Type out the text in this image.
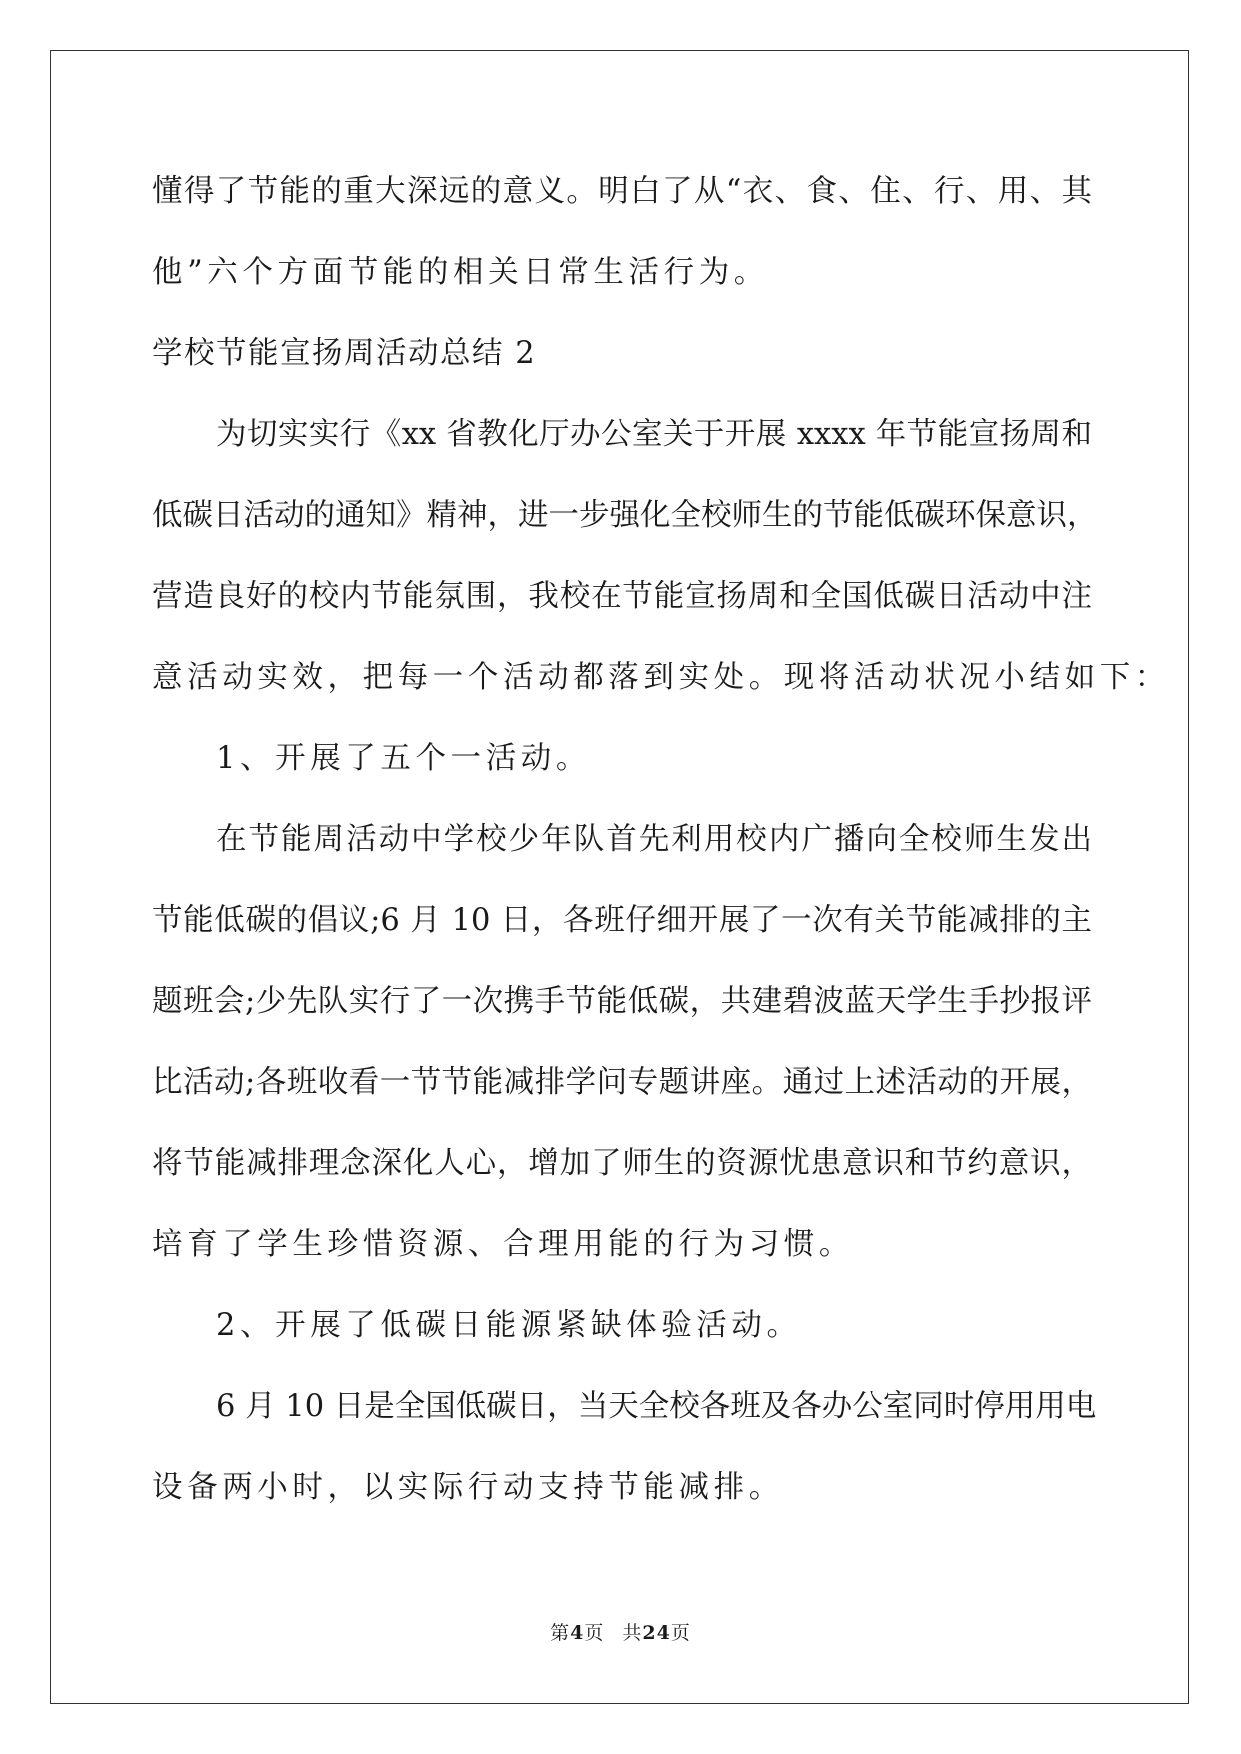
懂得了节能的重大深远的意义。明白了从“衣、食、住、行、用、其
他”六个方面节能的相关日常生活行为。
学校节能宣扬周活动总结 2
为切实实行《xx 省教化厅办公室关于开展 xxxx 年节能宣扬周和
低碳日活动的通知》精神，进一步强化全校师生的节能低碳环保意识，
营造良好的校内节能氛围，我校在节能宣扬周和全国低碳日活动中注
意活动实效，把每一个活动都落到实处。现将活动状况小结如下：
1、开展了五个一活动。
在节能周活动中学校少年队首先利用校内广播向全校师生发出
节能低碳的倡议;6 月 10 日，各班仔细开展了一次有关节能减排的主
题班会;少先队实行了一次携手节能低碳，共建碧波蓝天学生手抄报评
比活动;各班收看一节节能减排学问专题讲座。通过上述活动的开展，
将节能减排理念深化人心，增加了师生的资源忧患意识和节约意识，
培育了学生珍惜资源、合理用能的行为习惯。
2、开展了低碳日能源紧缺体验活动。
6 月 10 日是全国低碳日，当天全校各班及各办公室同时停用用电
设备两小时，以实际行动支持节能减排。
第4页 共24页
